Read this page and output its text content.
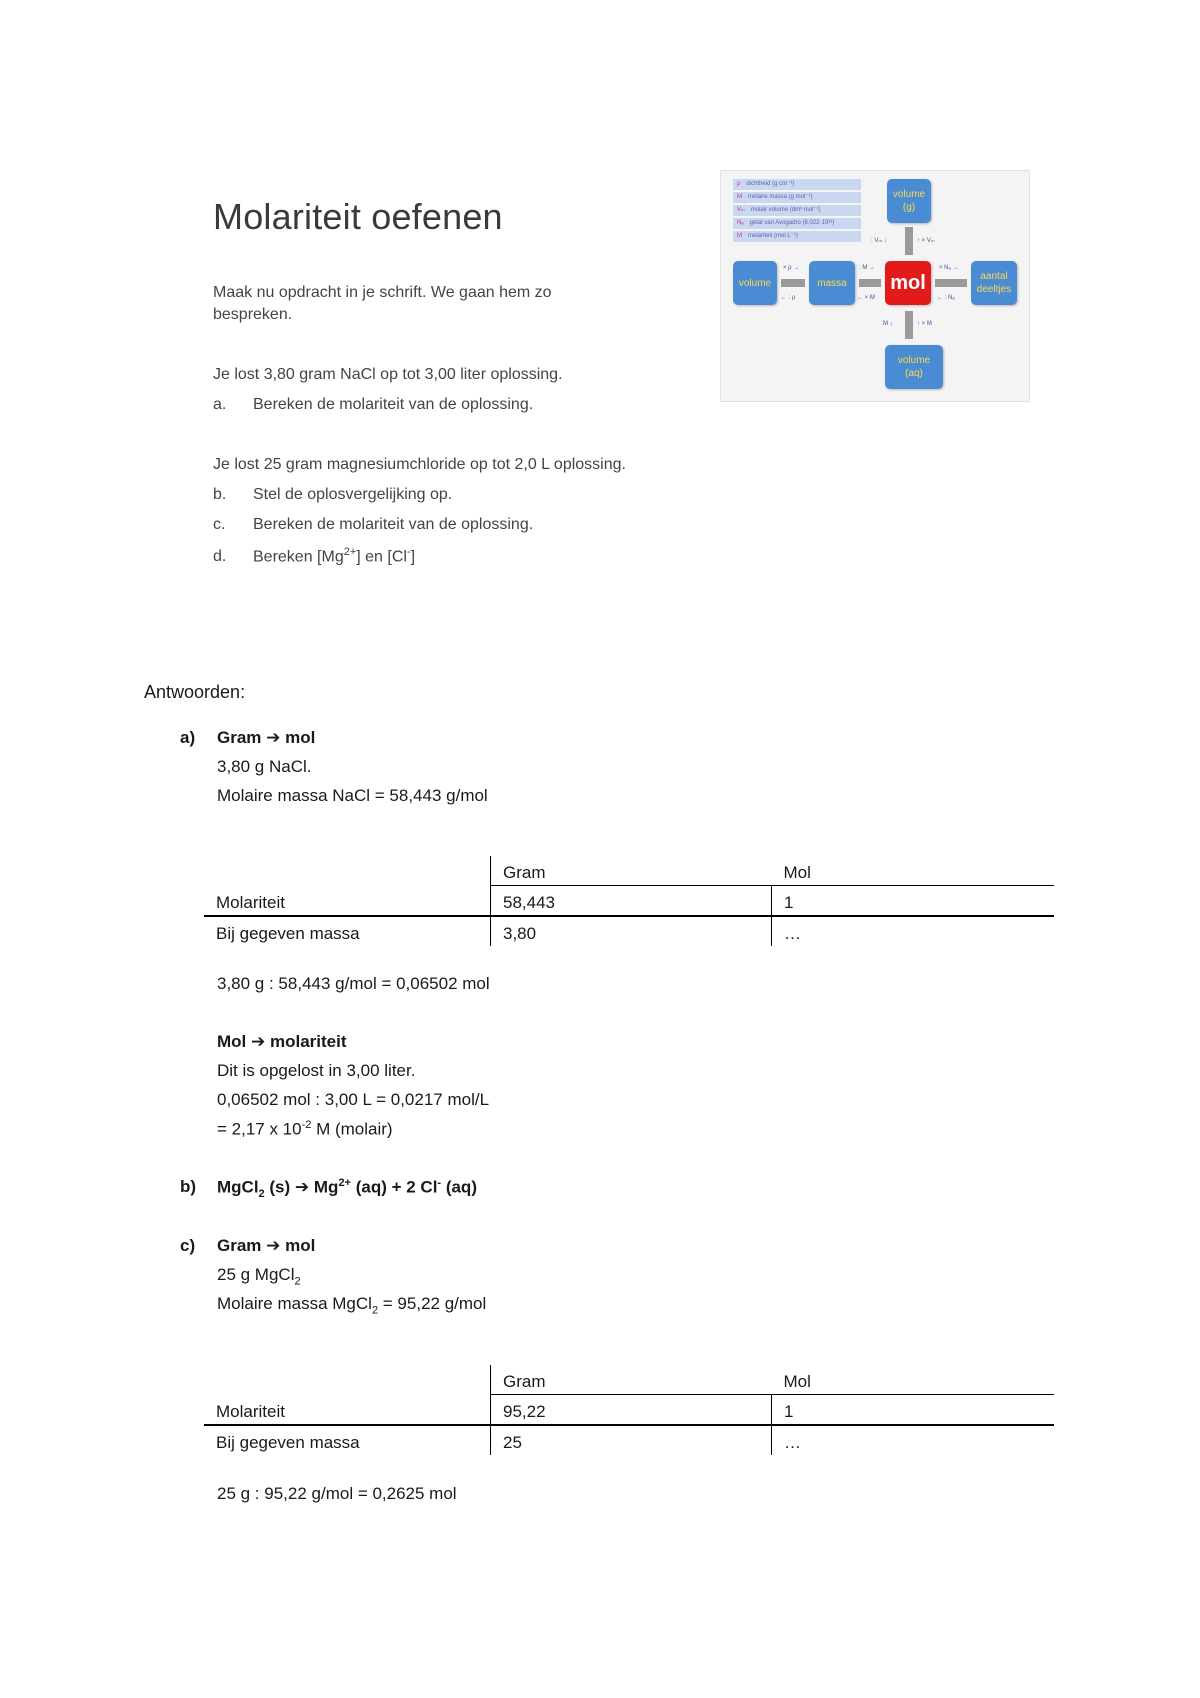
Molariteit oefenen
Maak nu opdracht in je schrift. We gaan hem zo
bespreken.
Je lost 3,80 gram NaCl op tot 3,00 liter oplossing.
a. Bereken de molariteit van de oplossing.
Je lost 25 gram magnesiumchloride op tot 2,0 L oplossing.
b. Stel de oplosvergelijking op.
c. Bereken de molariteit van de oplossing.
d. Bereken $[Mg^{2+}]$ en [Cl-]
ρ dichtheid (g cm⁻³)
M molaire massa (g mol⁻¹)
Vₘ molair volume (dm³ mol⁻¹)
Nₐ getal van Avogadro (6,022·10²³)
M molariteit (mol L⁻¹)
volume
(g)
volume	massa mol	aantal
deeltjes
volume
(aq)
× ρ →
← : ρ
: M →
← × M
× Nₐ →
← : Nₐ
: Vₘ ↓	↑ × Vₘ
M ↓	↑ × M
Antwoorden:
a) Gram ➔ mol
3,80 g NaCl.
Molaire massa NaCl = 58,443 g/mol
	Gram	Mol
Molariteit	58,443	1
Bij gegeven massa	3,80	…
3,80 g : 58,443 g/mol = 0,06502 mol
Mol ➔ molariteit
Dit is opgelost in 3,00 liter.
0,06502 mol : 3,00 L = 0,0217 mol/L
= 2,17 x $10^{-2}$ M (molair)
b) MgCl$_2$ (s) ➔ $Mg^{2+}$ (aq) + 2 Cl- (aq)
c) Gram ➔ mol
25 g MgCl$_2$
Molaire massa MgCl$_2$ = 95,22 g/mol
	Gram	Mol
Molariteit	95,22	1
Bij gegeven massa	25	…
25 g : 95,22 g/mol = 0,2625 mol
